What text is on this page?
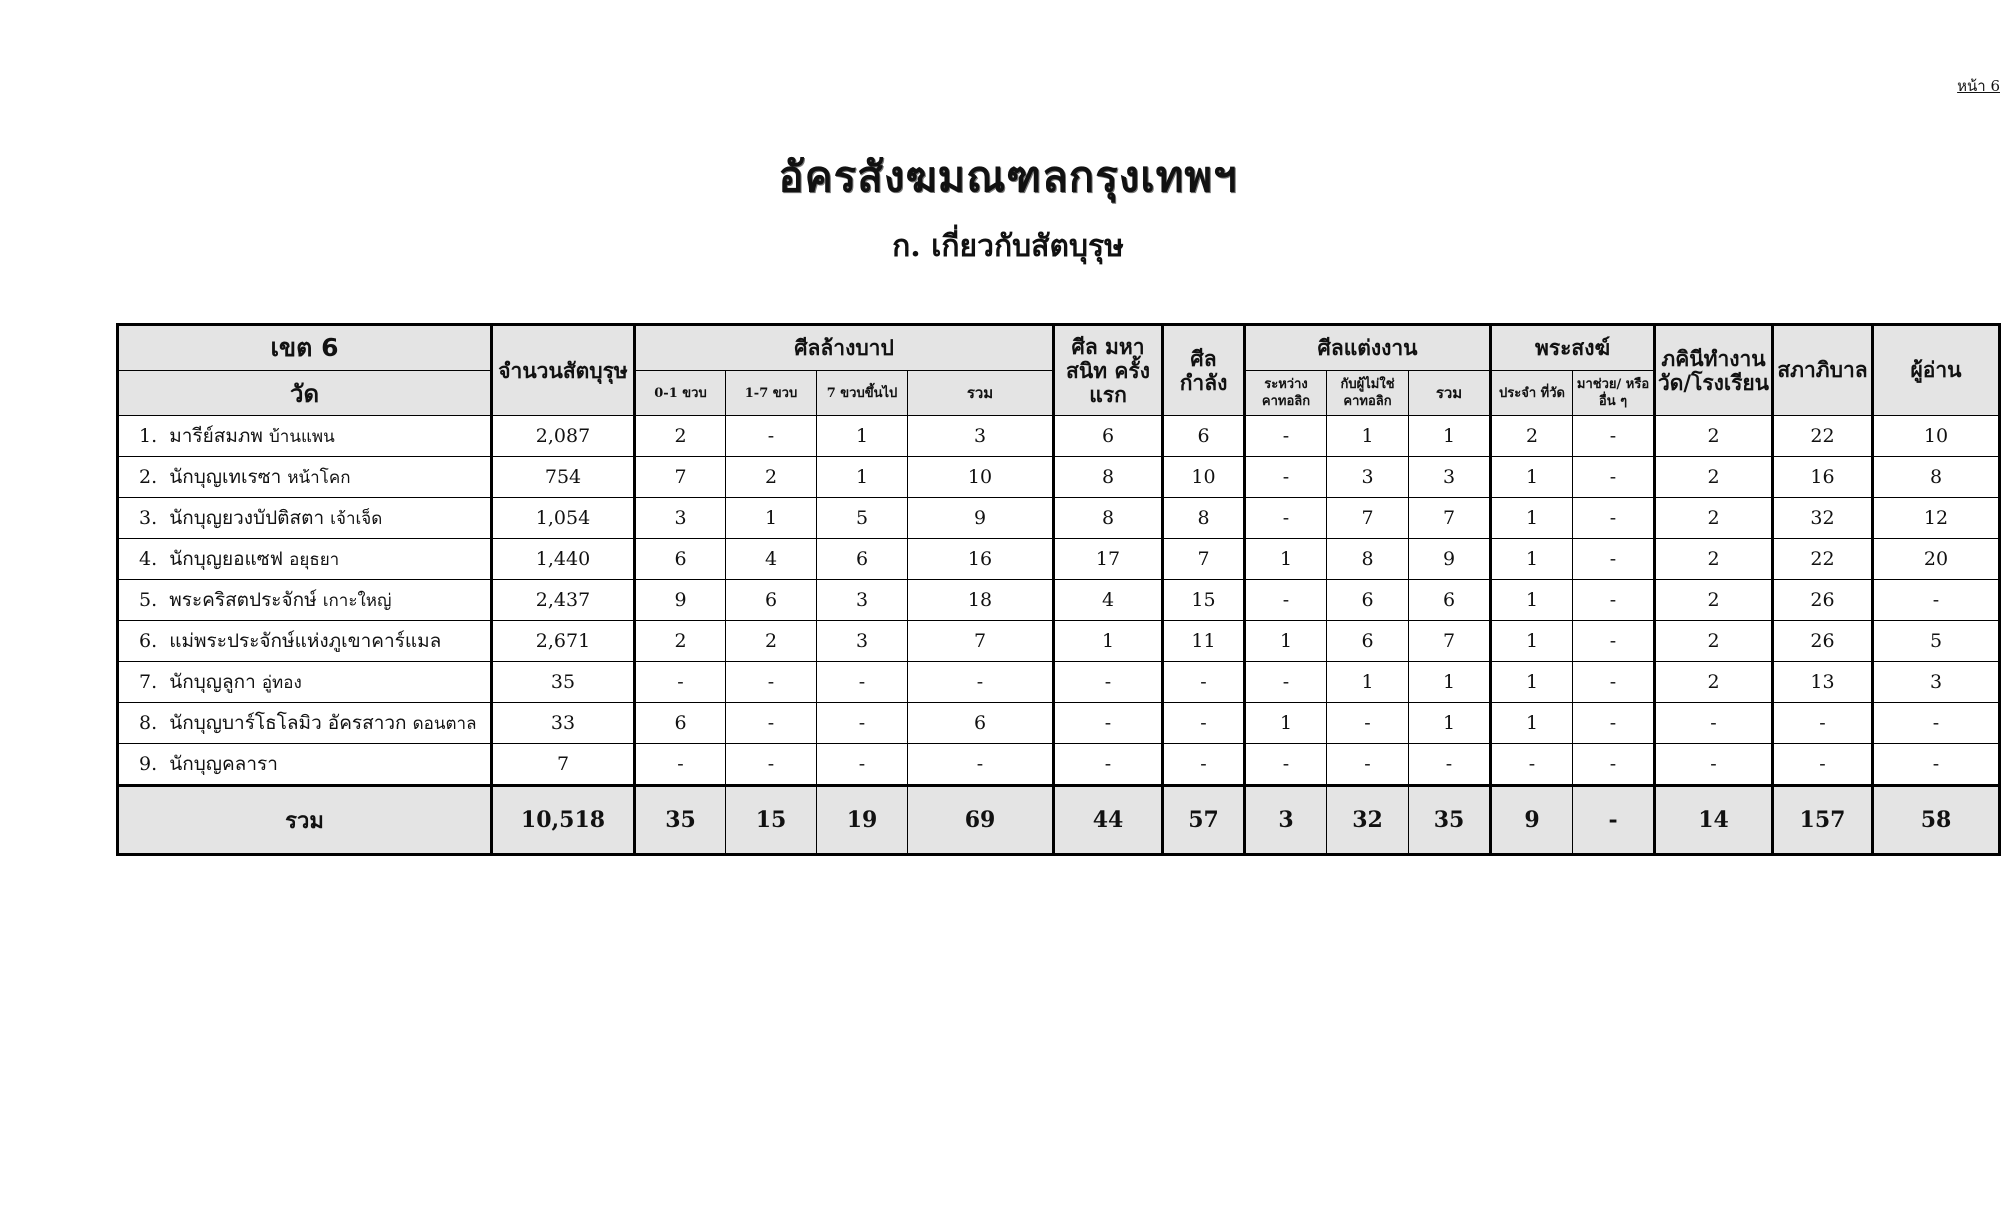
หน้า 6
อัครสังฆมณฑลกรุงเทพฯ
ก. เกี่ยวกับสัตบุรุษ
เขต 6	จำนวนสัตบุรุษ	ศีลล้างบาป				ศีล มหาสนิท ครั้งแรก	ศีล กำลัง	ศีลแต่งงาน			พระสงฆ์		ภคินีทำงาน วัด/โรงเรียน	สภาภิบาล	ผู้อ่าน
วัด		0-1 ขวบ	1-7 ขวบ	7 ขวบขึ้นไป	รวม			ระหว่าง คาทอลิก	กับผู้ไม่ใช่ คาทอลิก	รวม	ประจำ ที่วัด	มาช่วย/ หรืออื่น ๆ			
1. มารีย์สมภพ บ้านแพน	2,087	2	-	1	3	6	6	-	1	1	2	-	2	22	10
2. นักบุญเทเรซา หน้าโคก	754	7	2	1	10	8	10	-	3	3	1	-	2	16	8
3. นักบุญยวงบัปติสตา เจ้าเจ็ด	1,054	3	1	5	9	8	8	-	7	7	1	-	2	32	12
4. นักบุญยอแซฟ อยุธยา	1,440	6	4	6	16	17	7	1	8	9	1	-	2	22	20
5. พระคริสตประจักษ์ เกาะใหญ่	2,437	9	6	3	18	4	15	-	6	6	1	-	2	26	-
6. แม่พระประจักษ์แห่งภูเขาคาร์แมล	2,671	2	2	3	7	1	11	1	6	7	1	-	2	26	5
7. นักบุญลูกา อู่ทอง	35	-	-	-	-	-	-	-	1	1	1	-	2	13	3
8. นักบุญบาร์โธโลมิว อัครสาวก ดอนตาล	33	6	-	-	6	-	-	1	-	1	1	-	-	-	-
9. นักบุญคลารา	7	-	-	-	-	-	-	-	-	-	-	-	-	-	-
รวม	10,518	35	15	19	69	44	57	3	32	35	9	-	14	157	58
